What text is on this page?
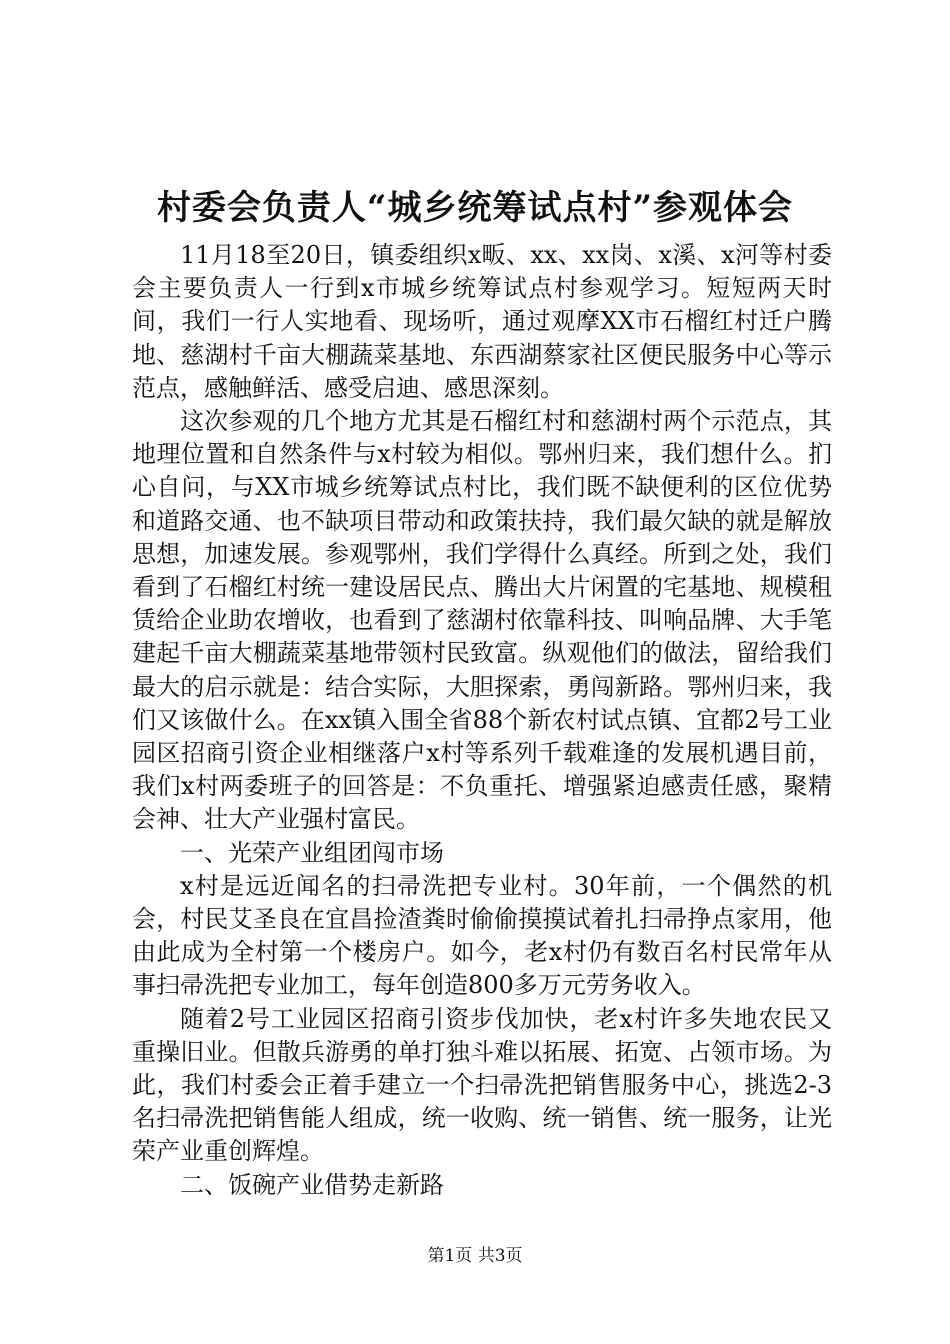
村委会负责人“城乡统筹试点村”参观体会

11月18至20日，镇委组织x畈、xx、xx岗、x溪、x河等村委会主要负责人一行到x市城乡统筹试点村参观学习。短短两天时间，我们一行人实地看、现场听，通过观摩XX市石榴红村迁户腾地、慈湖村千亩大棚蔬菜基地、东西湖蔡家社区便民服务中心等示范点，感触鲜活、感受启迪、感思深刻。

这次参观的几个地方尤其是石榴红村和慈湖村两个示范点，其地理位置和自然条件与x村较为相似。鄂州归来，我们想什么。扪心自问，与XX市城乡统筹试点村比，我们既不缺便利的区位优势和道路交通、也不缺项目带动和政策扶持，我们最欠缺的就是解放思想，加速发展。参观鄂州，我们学得什么真经。所到之处，我们看到了石榴红村统一建设居民点、腾出大片闲置的宅基地、规模租赁给企业助农增收，也看到了慈湖村依靠科技、叫响品牌、大手笔建起千亩大棚蔬菜基地带领村民致富。纵观他们的做法，留给我们最大的启示就是：结合实际，大胆探索，勇闯新路。鄂州归来，我们又该做什么。在xx镇入围全省88个新农村试点镇、宜都2号工业园区招商引资企业相继落户x村等系列千载难逢的发展机遇目前，我们x村两委班子的回答是：不负重托、增强紧迫感责任感，聚精会神、壮大产业强村富民。

一、光荣产业组团闯市场

x村是远近闻名的扫帚洗把专业村。30年前，一个偶然的机会，村民艾圣良在宜昌捡渣粪时偷偷摸摸试着扎扫帚挣点家用，他由此成为全村第一个楼房户。如今，老x村仍有数百名村民常年从事扫帚洗把专业加工，每年创造800多万元劳务收入。

随着2号工业园区招商引资步伐加快，老x村许多失地农民又重操旧业。但散兵游勇的单打独斗难以拓展、拓宽、占领市场。为此，我们村委会正着手建立一个扫帚洗把销售服务中心，挑选2-3名扫帚洗把销售能人组成，统一收购、统一销售、统一服务，让光荣产业重创辉煌。

二、饭碗产业借势走新路

第1页 共3页
